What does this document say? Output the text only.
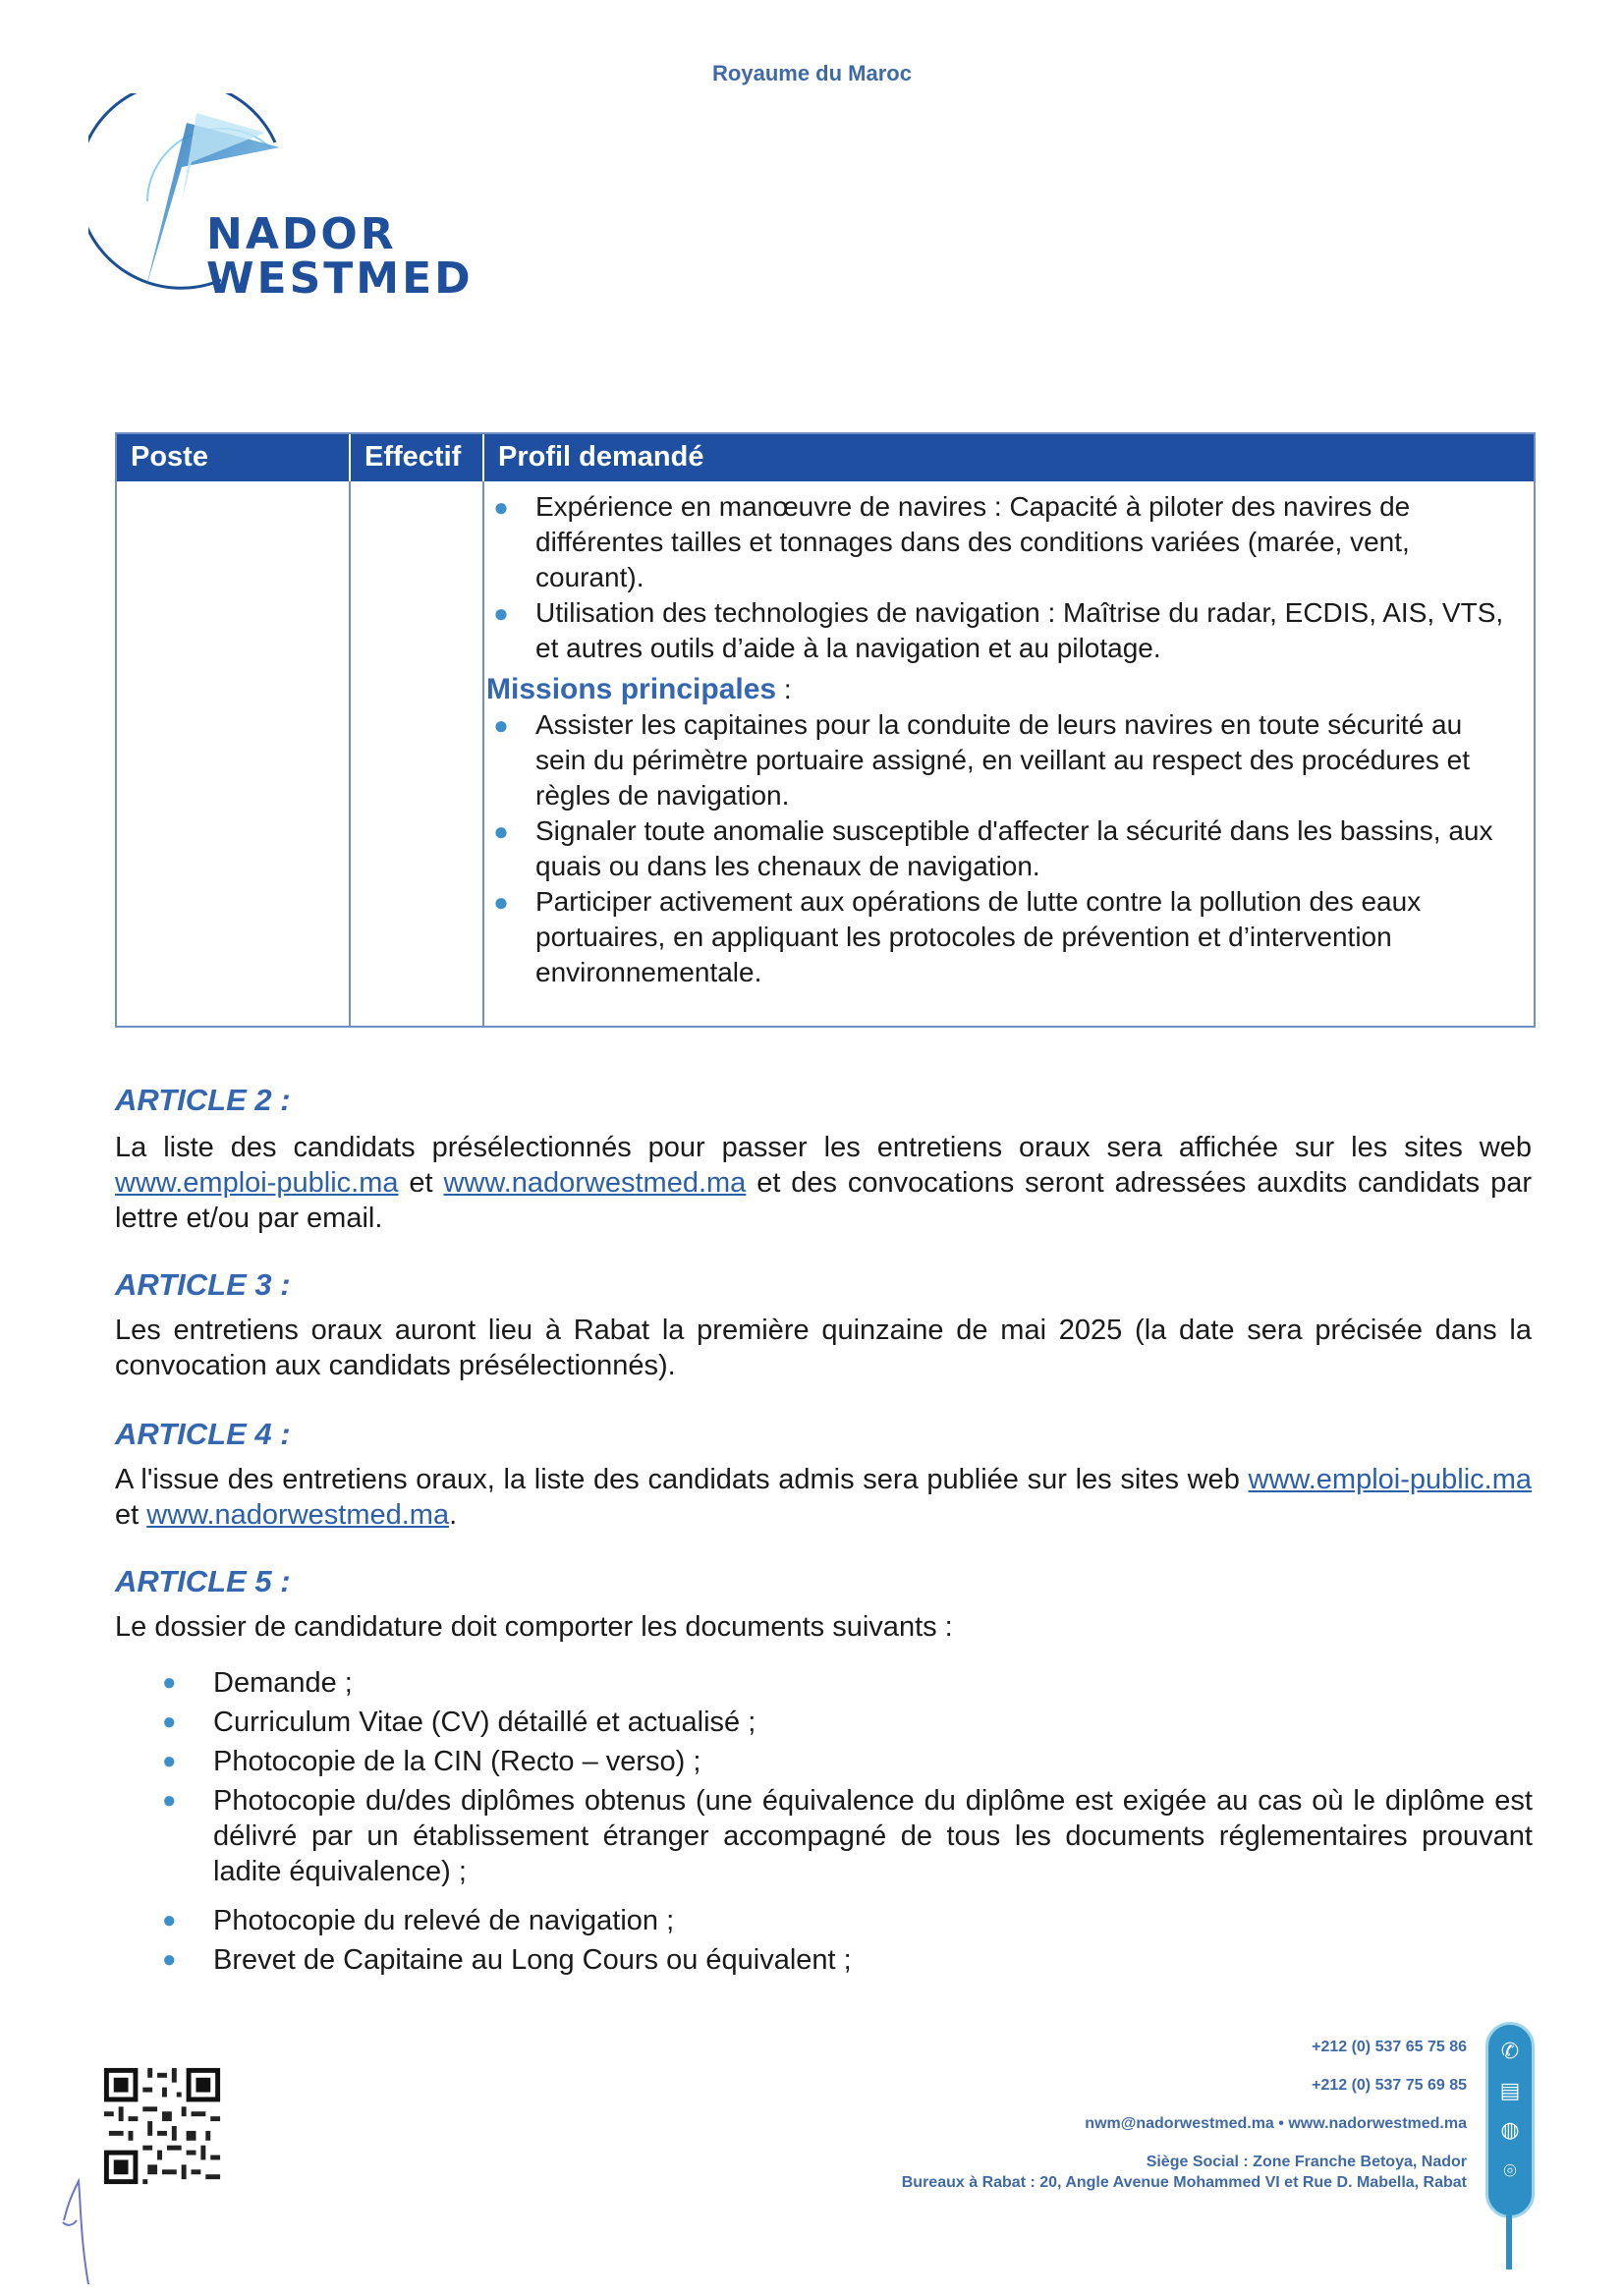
Royaume du Maroc
NADOR
WESTMED
Poste	Effectif	Profil demandé
● Expérience en manœuvre de navires : Capacité à piloter des navires de différentes tailles et tonnages dans des conditions variées (marée, vent, courant).
● Utilisation des technologies de navigation : Maîtrise du radar, ECDIS, AIS, VTS, et autres outils d’aide à la navigation et au pilotage.
Missions principales :
● Assister les capitaines pour la conduite de leurs navires en toute sécurité au sein du périmètre portuaire assigné, en veillant au respect des procédures et règles de navigation.
● Signaler toute anomalie susceptible d'affecter la sécurité dans les bassins, aux quais ou dans les chenaux de navigation.
● Participer activement aux opérations de lutte contre la pollution des eaux portuaires, en appliquant les protocoles de prévention et d’intervention environnementale.
ARTICLE 2 :
La liste des candidats présélectionnés pour passer les entretiens oraux sera affichée sur les sites web www.emploi-public.ma et www.nadorwestmed.ma et des convocations seront adressées auxdits candidats par lettre et/ou par email.
ARTICLE 3 :
Les entretiens oraux auront lieu à Rabat la première quinzaine de mai 2025 (la date sera précisée dans la convocation aux candidats présélectionnés).
ARTICLE 4 :
A l'issue des entretiens oraux, la liste des candidats admis sera publiée sur les sites web www.emploi-public.ma et www.nadorwestmed.ma.
ARTICLE 5 :
Le dossier de candidature doit comporter les documents suivants :
● Demande ;
● Curriculum Vitae (CV) détaillé et actualisé ;
● Photocopie de la CIN (Recto – verso) ;
● Photocopie du/des diplômes obtenus (une équivalence du diplôme est exigée au cas où le diplôme est délivré par un établissement étranger accompagné de tous les documents réglementaires prouvant ladite équivalence) ;
● Photocopie du relevé de navigation ;
● Brevet de Capitaine au Long Cours ou équivalent ;
+212 (0) 537 65 75 86
+212 (0) 537 75 69 85
nwm@nadorwestmed.ma • www.nadorwestmed.ma
Siège Social : Zone Franche Betoya, Nador
Bureaux à Rabat : 20, Angle Avenue Mohammed VI et Rue D. Mabella, Rabat
✆
▤
◍
⌾
